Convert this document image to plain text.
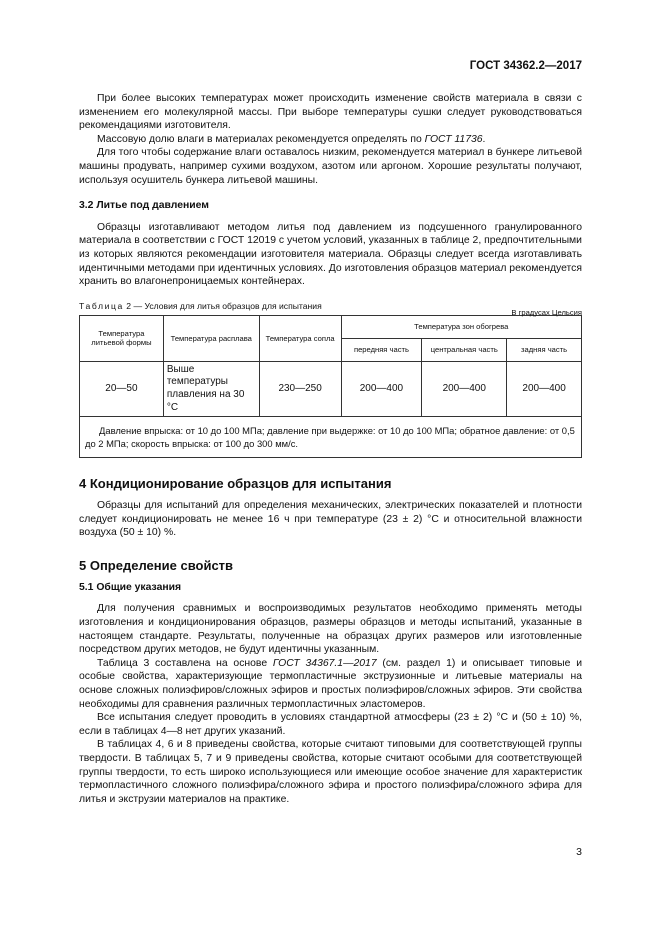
ГОСТ 34362.2—2017

При более высоких температурах может происходить изменение свойств материала в связи с изменением его молекулярной массы. При выборе температуры сушки следует руководствоваться рекомендациями изготовителя.

Массовую долю влаги в материалах рекомендуется определять по ГОСТ 11736.

Для того чтобы содержание влаги оставалось низким, рекомендуется материал в бункере литьевой машины продувать, например сухими воздухом, азотом или аргоном. Хорошие результаты получают, используя осушитель бункера литьевой машины.

3.2 Литье под давлением

Образцы изготавливают методом литья под давлением из подсушенного гранулированного материала в соответствии с ГОСТ 12019 с учетом условий, указанных в таблице 2, предпочтительными из которых являются рекомендации изготовителя материала. Образцы следует всегда изготавливать идентичными методами при идентичных условиях. До изготовления образцов материал рекомендуется хранить во влагонепроницаемых контейнерах.

Таблица 2 — Условия для литья образцов для испытания
В градусах Цельсия
Температура литьевой формы	Температура расплава	Температура сопла	Температура зон обогрева		
			передняя часть	центральная часть	задняя часть
20—50	Выше температуры плавления на 30 °С	230—250	200—400	200—400	200—400
Давление впрыска: от 10 до 100 МПа; давление при выдержке: от 10 до 100 МПа; обратное давление: от 0,5 до 2 МПа; скорость впрыска: от 100 до 300 мм/с.					
4 Кондиционирование образцов для испытания

Образцы для испытаний для определения механических, электрических показателей и плотности следует кондиционировать не менее 16 ч при температуре (23 ± 2) °С и относительной влажности воздуха (50 ± 10) %.

5 Определение свойств

5.1 Общие указания

Для получения сравнимых и воспроизводимых результатов необходимо применять методы изготовления и кондиционирования образцов, размеры образцов и методы испытаний, указанные в настоящем стандарте. Результаты, полученные на образцах других размеров или изготовленные посредством других методов, не будут идентичны указанным.

Таблица 3 составлена на основе ГОСТ 34367.1—2017 (см. раздел 1) и описывает типовые и особые свойства, характеризующие термопластичные экструзионные и литьевые материалы на основе сложных полиэфиров/сложных эфиров и простых полиэфиров/сложных эфиров. Эти свойства необходимы для сравнения различных термопластичных эластомеров.

Все испытания следует проводить в условиях стандартной атмосферы (23 ± 2) °С и (50 ± 10) %, если в таблицах 4—8 нет других указаний.

В таблицах 4, 6 и 8 приведены свойства, которые считают типовыми для соответствующей группы твердости. В таблицах 5, 7 и 9 приведены свойства, которые считают особыми для соответствующей группы твердости, то есть широко использующиеся или имеющие особое значение для характеристик термопластичного сложного полиэфира/сложного эфира и простого полиэфира/сложного эфира для литья и экструзии материалов на практике.

3
